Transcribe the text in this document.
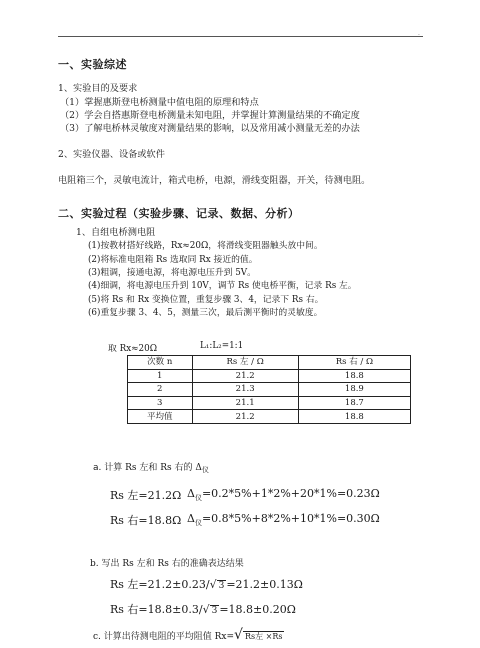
.
一、实验综述
1、实验目的及要求
（1）掌握惠斯登电桥测量中值电阻的原理和特点
（2）学会自搭惠斯登电桥测量未知电阻，并掌握计算测量结果的不确定度
（3）了解电桥林灵敏度对测量结果的影响，以及常用减小测量无差的办法
2、实验仪器、设备或软件
电阻箱三个，灵敏电流计，箱式电桥，电源，滑线变阻器，开关，待测电阻。
二、实验过程（实验步骤、记录、数据、分析）
1、自组电桥测电阻
(1)按教材搭好线路，Rx≈20Ω，将滑线变阻器触头放中间。
(2)将标准电阻箱 Rs 选取同 Rx 接近的值。
(3)粗调，接通电源，将电源电压升到 5V。
(4)细调，将电源电压升到 10V，调节 Rs 使电桥平衡，记录 Rs 左。
(5)将 Rs 和 Rx 变换位置，重复步骤 3、4，记录下 Rs 右。
(6)重复步骤 3、4、5，测量三次，最后测平衡时的灵敏度。
取 Rx≈20Ω	L₁:L₂=1:1
次数 n	Rs 左 / Ω	Rs 右 / Ω
1	21.2	18.8
2	21.3	18.9
3	21.1	18.7
平均值	21.2	18.8
a. 计算 Rs 左和 Rs 右的 $\Delta_仪$
Rs 左=21.2Ω $\Delta_仪=0.2*5\%+1*2\%+20*1\%=0.23\Omega$
Rs 右=18.8Ω $\Delta_仪=0.8*5\%+8*2\%+10*1\%=0.30\Omega$
b. 写出 Rs 左和 Rs 右的准确表达结果
Rs 左=21.2±0.23/√ 3 =21.2±0.13Ω
Rs 右=18.8±0.3/√ 3 =18.8±0.20Ω
c. 计算出待测电阻的平均阻值 Rx=√ Rs左 ×Rs
